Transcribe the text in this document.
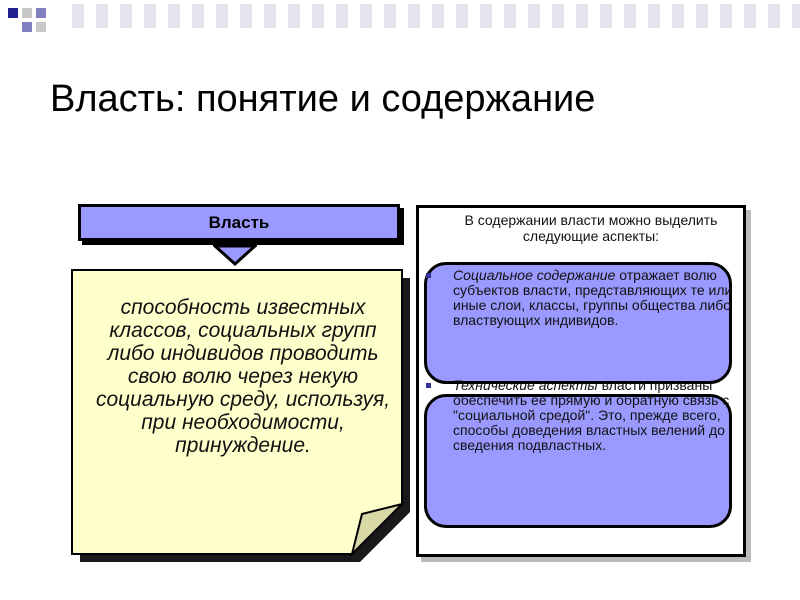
Власть: понятие и содержание
Власть

способность известных классов, социальных групп либо индивидов проводить свою волю через некую социальную среду, используя, при необходимости, принуждение.

В содержании власти можно выделить следующие аспекты:

Социальное содержание отражает волю субъектов власти, представляющих те или иные слои, классы, группы общества либо властвующих индивидов.

Технические аспекты власти призваны обеспечить ее прямую и обратную связь с "социальной средой". Это, прежде всего, способы доведения властных велений до сведения подвластных.
